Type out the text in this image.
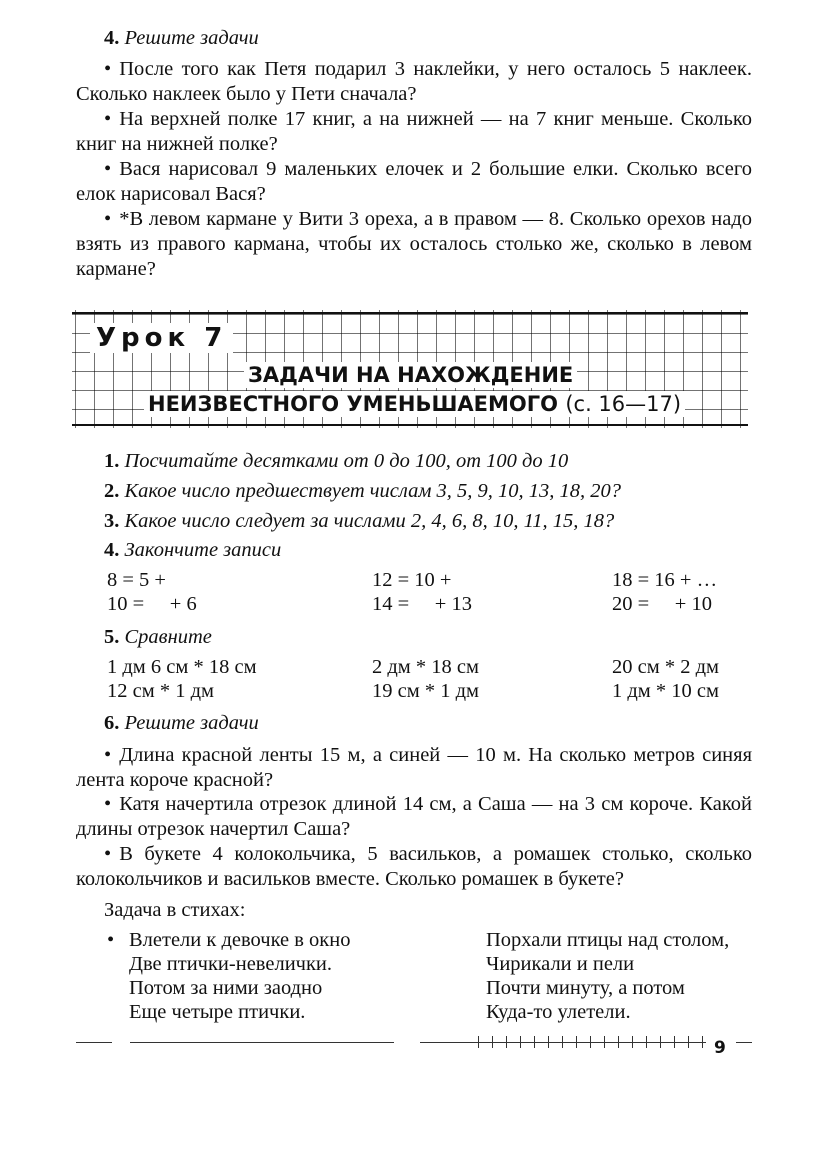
4. Решите задачи

• После того как Петя подарил 3 наклейки, у него осталось 5 наклеек. Сколько наклеек было у Пети сначала?

• На верхней полке 17 книг, а на нижней — на 7 книг меньше. Сколько книг на нижней полке?

• Вася нарисовал 9 маленьких елочек и 2 большие елки. Сколько всего елок нарисовал Вася?

• *В левом кармане у Вити 3 ореха, а в правом — 8. Сколько орехов надо взять из правого кармана, чтобы их осталось столько же, сколько в левом кармане?

Урок 7
ЗАДАЧИ НА НАХОЖДЕНИЕ
НЕИЗВЕСТНОГО УМЕНЬШАЕМОГО (с. 16—17)

1. Посчитайте десятками от 0 до 100, от 100 до 10

2. Какое число предшествует числам 3, 5, 9, 10, 13, 18, 20?

3. Какое число следует за числами 2, 4, 6, 8, 10, 11, 15, 18?

4. Закончите записи

8 = 5 +	12 = 10 +	18 = 16 + …
10 =     + 6	14 =     + 13	20 =     + 10

5. Сравните

1 дм 6 см * 18 см	2 дм * 18 см	20 см * 2 дм
12 см * 1 дм	19 см * 1 дм	1 дм * 10 см

6. Решите задачи

• Длина красной ленты 15 м, а синей — 10 м. На сколько метров синяя лента короче красной?

• Катя начертила отрезок длиной 14 см, а Саша — на 3 см короче. Какой длины отрезок начертил Саша?

• В букете 4 колокольчика, 5 васильков, а ромашек столько, сколько колокольчиков и васильков вместе. Сколько ромашек в букете?

Задача в стихах:

• Влетели к девочке в окно
Две птички-невелички.
Потом за ними заодно
Еще четыре птички.
Порхали птицы над столом,
Чирикали и пели
Почти минуту, а потом
Куда-то улетели.
9
